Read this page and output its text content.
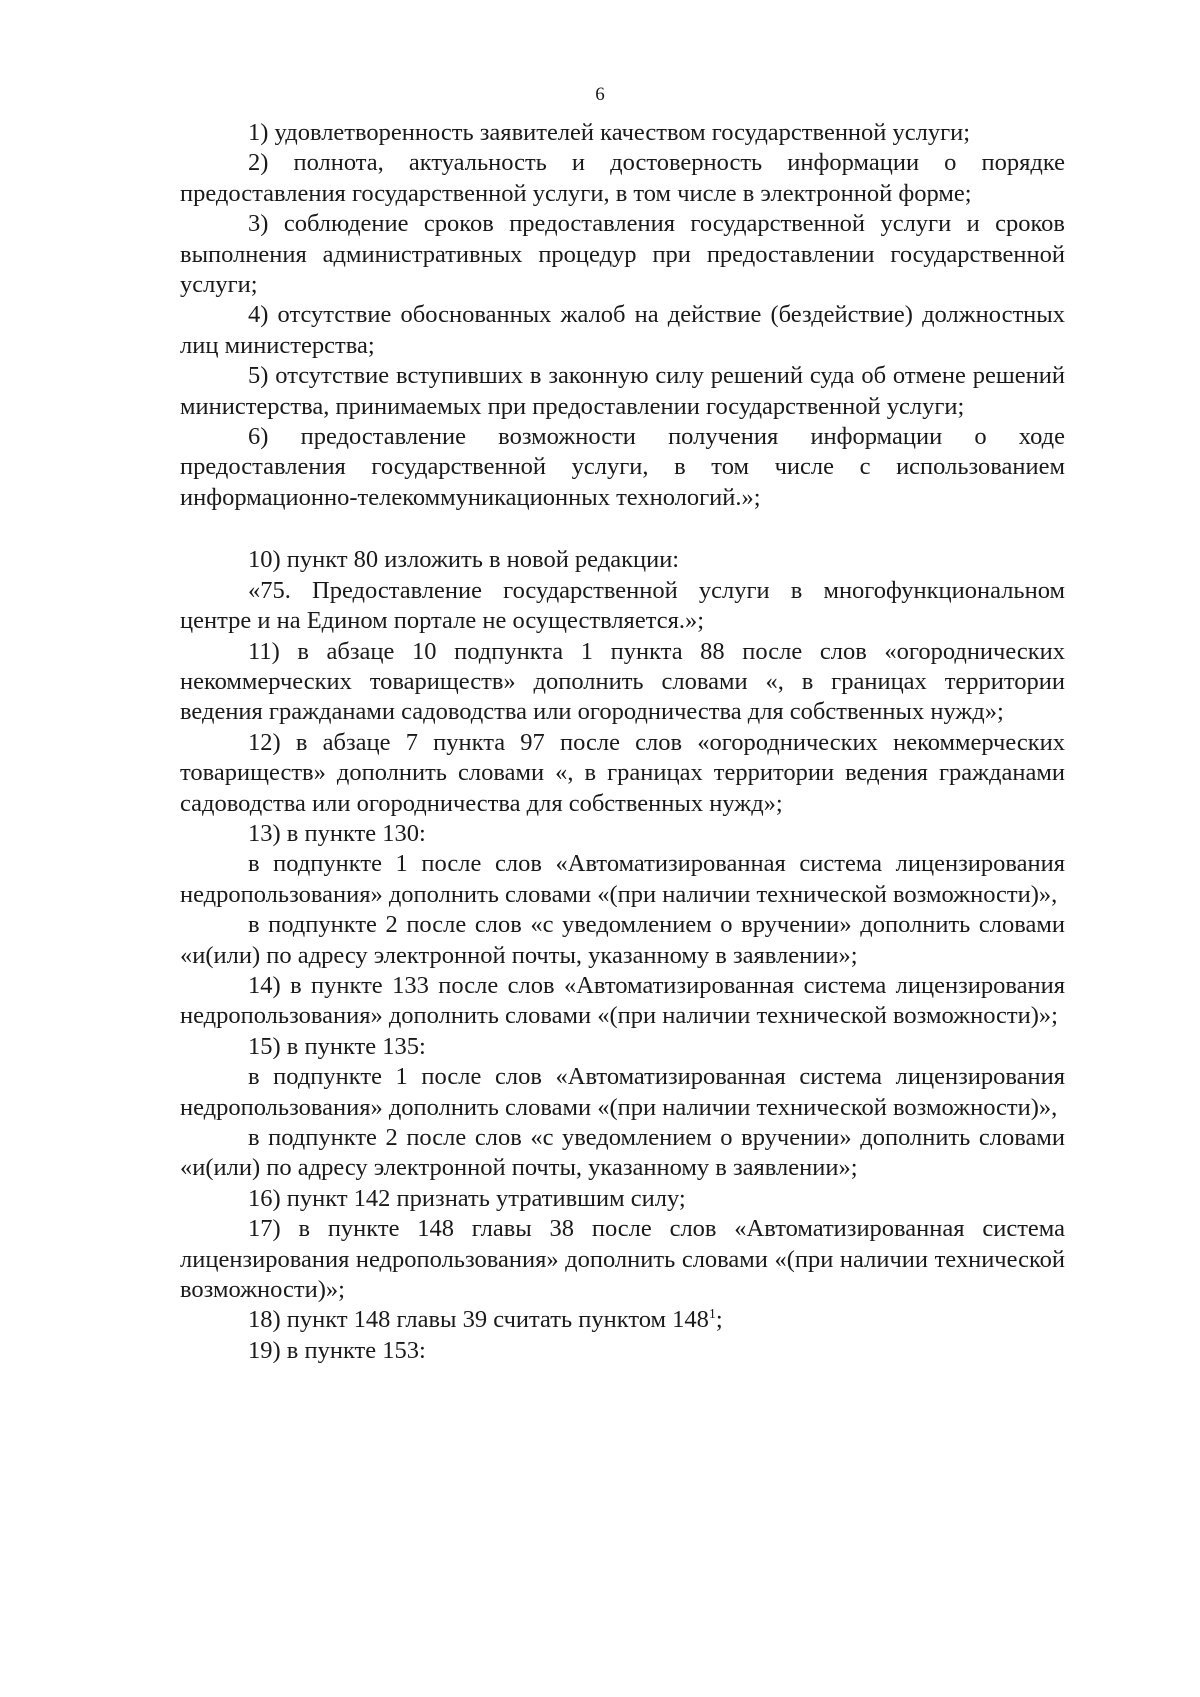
6

1) удовлетворенность заявителей качеством государственной услуги;

2) полнота, актуальность и достоверность информации о порядке предоставления государственной услуги, в том числе в электронной форме;

3) соблюдение сроков предоставления государственной услуги и сроков выполнения административных процедур при предоставлении государственной услуги;

4) отсутствие обоснованных жалоб на действие (бездействие) должностных лиц министерства;

5) отсутствие вступивших в законную силу решений суда об отмене решений министерства, принимаемых при предоставлении государственной услуги;

6) предоставление возможности получения информации о ходе предоставления государственной услуги, в том числе с использованием информационно-телекоммуникационных технологий.»;

10) пункт 80 изложить в новой редакции:

«75. Предоставление государственной услуги в многофункциональном центре и на Едином портале не осуществляется.»;

11) в абзаце 10 подпункта 1 пункта 88 после слов «огороднических некоммерческих товариществ» дополнить словами «, в границах территории ведения гражданами садоводства или огородничества для собственных нужд»;

12) в абзаце 7 пункта 97 после слов «огороднических некоммерческих товариществ» дополнить словами «, в границах территории ведения гражданами садоводства или огородничества для собственных нужд»;

13) в пункте 130:

в подпункте 1 после слов «Автоматизированная система лицензирования недропользования» дополнить словами «(при наличии технической возможности)»,

в подпункте 2 после слов «с уведомлением о вручении» дополнить словами «и(или) по адресу электронной почты, указанному в заявлении»;

14) в пункте 133 после слов «Автоматизированная система лицензирования недропользования» дополнить словами «(при наличии технической возможности)»;

15) в пункте 135:

в подпункте 1 после слов «Автоматизированная система лицензирования недропользования» дополнить словами «(при наличии технической возможности)»,

в подпункте 2 после слов «с уведомлением о вручении» дополнить словами «и(или) по адресу электронной почты, указанному в заявлении»;

16) пункт 142 признать утратившим силу;

17) в пункте 148 главы 38 после слов «Автоматизированная система лицензирования недропользования» дополнить словами «(при наличии технической возможности)»;

18) пункт 148 главы 39 считать пунктом $148^1$;

19) в пункте 153:
